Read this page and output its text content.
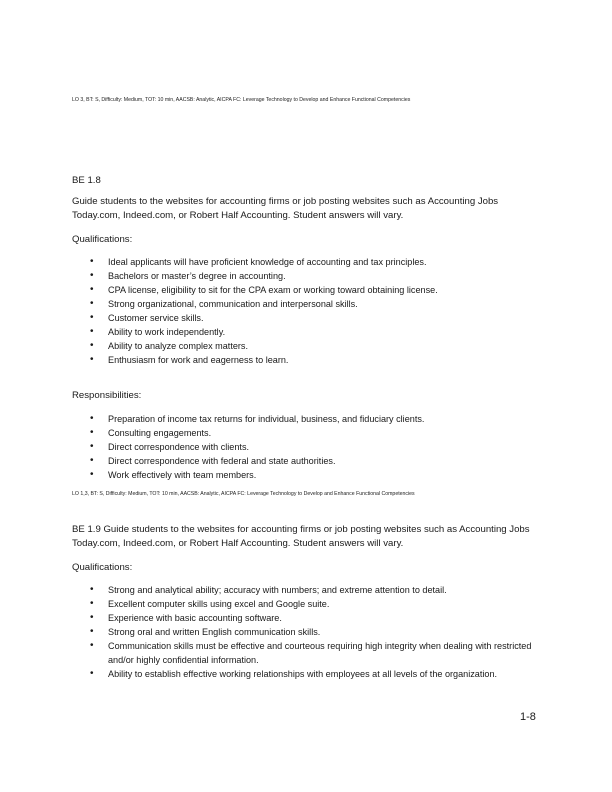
LO 3, BT: S, Difficulty: Medium, TOT: 10 min, AACSB: Analytic, AICPA FC: Leverage Technology to Develop and Enhance Functional Competencies
BE 1.8

Guide students to the websites for accounting firms or job posting websites such as Accounting Jobs Today.com, Indeed.com, or Robert Half Accounting. Student answers will vary.

Qualifications:
• Ideal applicants will have proficient knowledge of accounting and tax principles.
• Bachelors or master’s degree in accounting.
• CPA license, eligibility to sit for the CPA exam or working toward obtaining license.
• Strong organizational, communication and interpersonal skills.
• Customer service skills.
• Ability to work independently.
• Ability to analyze complex matters.
• Enthusiasm for work and eagerness to learn.
Responsibilities:
• Preparation of income tax returns for individual, business, and fiduciary clients.
• Consulting engagements.
• Direct correspondence with clients.
• Direct correspondence with federal and state authorities.
• Work effectively with team members.
LO 1,3, BT: S, Difficulty: Medium, TOT: 10 min, AACSB: Analytic, AICPA FC: Leverage Technology to Develop and Enhance Functional Competencies

BE 1.9 Guide students to the websites for accounting firms or job posting websites such as Accounting Jobs Today.com, Indeed.com, or Robert Half Accounting. Student answers will vary.

Qualifications:
• Strong and analytical ability; accuracy with numbers; and extreme attention to detail.
• Excellent computer skills using excel and Google suite.
• Experience with basic accounting software.
• Strong oral and written English communication skills.
• Communication skills must be effective and courteous requiring high integrity when dealing with restricted and/or highly confidential information.
• Ability to establish effective working relationships with employees at all levels of the organization.
1-8
